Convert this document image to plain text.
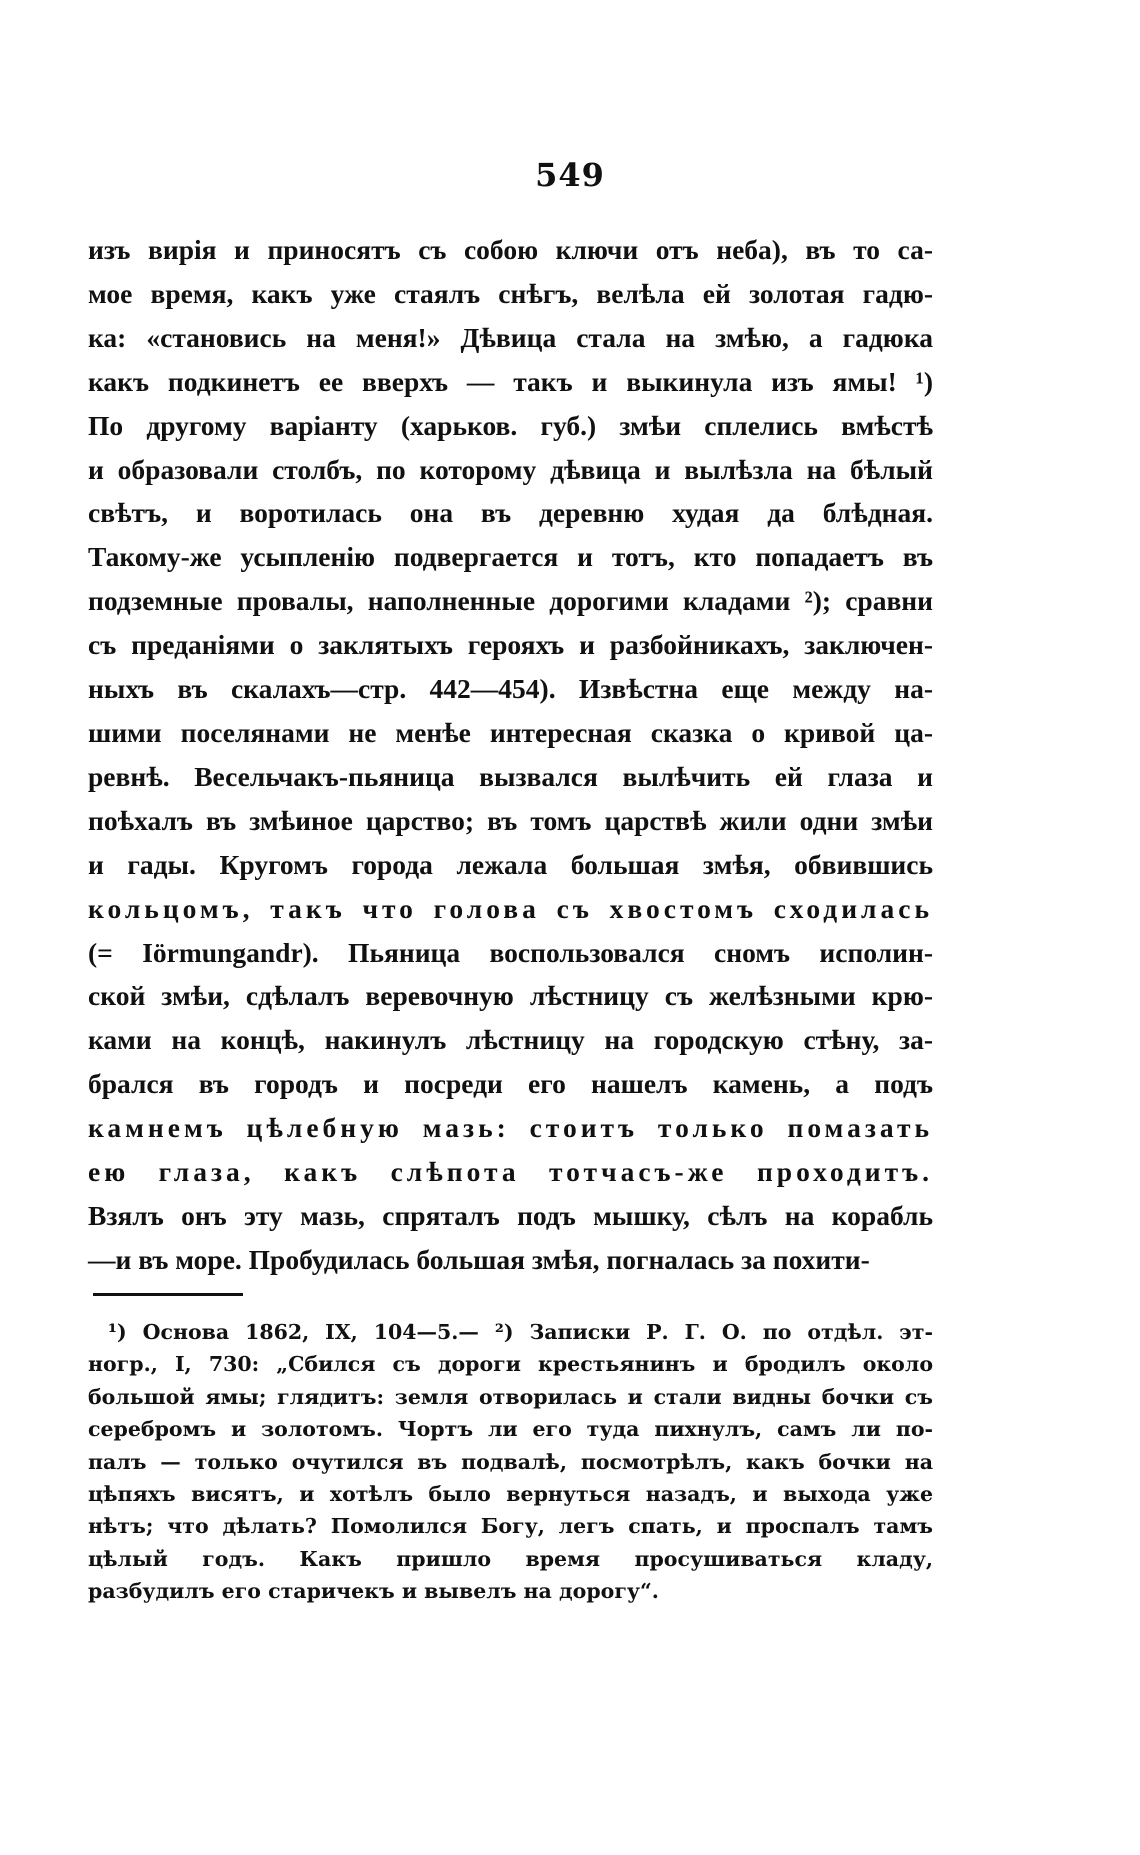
549
изъ вирія и приносятъ съ собою ключи отъ неба), въ то са-
мое время, какъ уже стаялъ снѣгъ, велѣла ей золотая гадю-
ка: «становись на меня!» Дѣвица стала на змѣю, а гадюка
какъ подкинетъ ее вверхъ — такъ и выкинула изъ ямы! ¹)
По другому варіанту (харьков. губ.) змѣи сплелись вмѣстѣ
и образовали столбъ, по которому дѣвица и вылѣзла на бѣлый
свѣтъ, и воротилась она въ деревню худая да блѣдная.
Такому-же усыпленію подвергается и тотъ, кто попадаетъ въ
подземные провалы, наполненные дорогими кладами ²); сравни
съ преданіями о заклятыхъ герояхъ и разбойникахъ, заключен-
ныхъ въ скалахъ—стр. 442—454). Извѣстна еще между на-
шими поселянами не менѣе интересная сказка о кривой ца-
ревнѣ. Весельчакъ-пьяница вызвался вылѣчить ей глаза и
поѣхалъ въ змѣиное царство; въ томъ царствѣ жили одни змѣи
и гады. Кругомъ города лежала большая змѣя, обвившись
кольцомъ, такъ что голова съ хвостомъ сходилась
(= Iörmungandr). Пьяница воспользовался сномъ исполин-
ской змѣи, сдѣлалъ веревочную лѣстницу съ желѣзными крю-
ками на концѣ, накинулъ лѣстницу на городскую стѣну, за-
брался въ городъ и посреди его нашелъ камень, а подъ
камнемъ цѣлебную мазь: стоитъ только помазать
ею глаза, какъ слѣпота тотчасъ-же проходитъ.
Взялъ онъ эту мазь, спряталъ подъ мышку, сѣлъ на корабль
—и въ море. Пробудилась большая змѣя, погналась за похити-
¹) Основа 1862, IX, 104—5.— ²) Записки Р. Г. О. по отдѣл. эт-
ногр., I, 730: „Сбился съ дороги крестьянинъ и бродилъ около
большой ямы; глядитъ: земля отворилась и стали видны бочки съ
серебромъ и золотомъ. Чортъ ли его туда пихнулъ, самъ ли по-
палъ — только очутился въ подвалѣ, посмотрѣлъ, какъ бочки на
цѣпяхъ висятъ, и хотѣлъ было вернуться назадъ, и выхода уже
нѣтъ; что дѣлать? Помолился Богу, легъ спать, и проспалъ тамъ
цѣлый годъ. Какъ пришло время просушиваться кладу,
разбудилъ его старичекъ и вывелъ на дорогу“.
